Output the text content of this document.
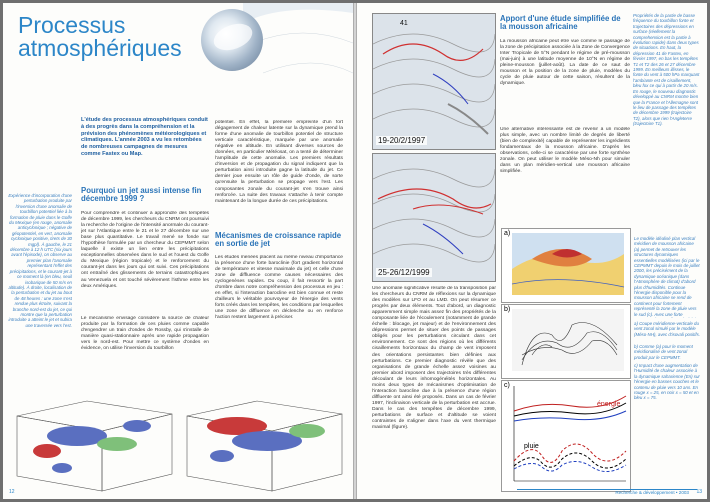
Processus
atmosphériques
L'étude des processus atmosphériques conduit à des progrès dans la compréhension et la prévision des phénomènes météorologiques et climatiques. L'année 2003 a vu les retombées de nombreuses campagnes de mesures comme Fastex ou Map.
Pourquoi un jet aussi intense fin décembre 1999 ?
Pour comprendre et continuer à approndre des tempêtes de décembre 1999, les chercheurs du CNRM ont poursuivi la recherche de l'origine de l'intensité anormale du courant-jet sur l'Atlantique entre le 21 et le 27 décembre sur une base plus quantitative. Le travail mené se fonde sur l'hypothèse formulée par un chercheur du CEPMMT selon laquelle il existe un lien entre les précipitations exceptionnelles observées dans le sud et l'ouest du Golfe du Mexique (région tropicale) et le renforcement du courant-jet dans les jours qui ont suivi. Ces précipitations ont entraîné des glissements de terrains catastrophiques au Venezuela et ont touché sévèrement l'isthme entre les deux Amériques.
Le mécanisme envisagé considère la source de chaleur produite par la formation de ces pluies comme capable d'engendrer un train d'ondes de Rossby, qui s'installe de manière quasi-stationnaire après une rapide propagation vers le nord-est. Pour mettre ce système d'ondes en évidence, on utilise l'inversion du tourbillon
potentiel. En effet, la première empreinte d'un fort dégagement de chaleur latente sur la dynamique prend la forme d'une anomalie de tourbillon potentiel de structure verticale caractéristique, marquée par une anomalie négative en altitude. En utilisant diverses sources de données, en particulier Météosat, on a tenté de déterminer l'amplitude de cette anomalie. Les premiers résultats d'inversion et de propagation du signal indiquent que la perturbation ainsi introduite gagne la latitude du jet. Ce dernier joue ensuite un rôle de guide d'onde, de sorte qu'ensuite la perturbation se propage vers l'est. Les composantes zonale du courant-jet s'en trouve ainsi renforcée. La suite des travaux s'attache à tenir compte maintenant de la longue durée de ces précipitations.
Mécanismes de croissance rapide en sortie de jet
Les études menées placent au même niveau d'importance la présence d'une forte baroclinie (fort gradient horizontal de température et vitesse maximale du jet) et celle d'une zone de diffluence comme causes nécessaires des cyclogenèses rapides. Du coup, il fait ressortir la part d'ombre dans notre compréhension des processus en jeu : en effet, si l'interaction barocline est bien connue et reste d'ailleurs le véritable pourvoyeur de l'énergie des vents forts créés dans les tempêtes, les conditions par lesquelles une zone de diffluence en déclenche ou en renforce l'action restent largement à préciser.
Expérience d'incorporation d'une perturbation produite par l'inversion d'une anomalie de tourbillon potentiel liée à la formation de pluie dans le Golfe du Mexique (en rouge, anomalie anticyclonique ; négative de géopotentiel, en vert, anomalie cyclonique positive, tirets de 30 mgpl). À gauche, le 21 décembre à 12 h UTC (six jours avant l'épisode), on observe au premier plan l'anomalie représentant l'effet des précipitations, et le courant-jet à ce moment là (en bleu, seuil isobarique de 50 m/s en altitude). À droite, localisation de la perturbation et du jet au bout de 48 heures : une zone s'est rendue plus étroite, suivant la branche nord-est du jet, ce qui montre que la perturbation introduite a atteint le jet et subira une traversée vers l'est.
12
41
19-20/2/1997
25-26/12/1999
Apport d'une étude simplifiée de la mousson africaine
La mousson africaine peut être vue comme le passage de la zone de précipitation associée à la Zone de Convergence Inter Tropicale de 5°N pendant le régime de pré-mousson (mai-juin) à une latitude moyenne de 10°N en régime de pleine-mousson (juillet-août). La date de ce saut de mousson et la position de la zone de pluie, modèles du cycle de pluie autour de cette saison, résultent de la dynamique.
Une alternative intéressante est de revenir à un modèle plus simple, avec un nombre limité de degrés de liberté (bien de complexité) capable de représenter les ingrédients fondamentaux de la mousson africaine. D'après les observations, celle-ci se caractérise par une forte synthèse zonale. On peut utiliser le modèle Méso-Nh pour simuler dans un plan méridien-vertical une mousson africaine simplifiée.
Une anomalie significative résulte de la transposition par les chercheurs du CNRM de réflexions sur la dynamique des modèles sur LFO et au LMD. On peut résumer ce progrès par deux éléments. Tout d'abord, un diagnostic apparemment simple mais assez fin des propriétés de la composante liée de l'écoulement (notamment de grande échelle : blocage, jet majeur) et de l'environnement des dépressions permet de situer des points de passages obligés pour les perturbations circulant dans cet environnement. Ce sont des régions où les différents cisaillements horizontaux du champ de vent imposent des orientations persistantes bien définies aux perturbations. Ce premier diagnostic révèle que des organisations de grande échelle assez voisines au premier abord imposent des trajectoires très différentes découlant de leurs inhomogénéités horizontales. Au moins deux types de mécanismes d'optimisation de l'interaction barocline due à la présence d'une région diffluente ont ainsi été proposés. Dans un cas de février 1997, l'inclinaison verticale de la perturbation est accrue. Dans le cas des tempêtes de décembre 1999, perturbations de surface et d'altitude se voient contraintes de s'aligner dans l'axe du vent thermique maximal (figure).
Propriétés de la partie de basse fréquence du tourbillon fonte et trajectoires des dépressions en surface (réellement la comprehension est la partie à évolution rapide) dans deux types de situations. En haut, la dépression 41 de Fastex, en février 1997, en bas les tempêtes T1 et T2 des 26 et 27 décembre 1999. En meilleurs illisses, le fonte du vent à 500 hPa marquant l'ambiante est de cisaillement, bleu fox ce qui à partir de 20 m/s. En rouge, le nouveau diagnostic développé au CNRM montre bien que la France et l'Allemagne sont le lieu de passage des tempêtes de décembre 1999 (trajectoire T2), alors que rien l'Angleterre (trajectoire T1).
a)
b)
c)
énergie
pluie
Le modèle idéalisé plan vertical méridien de mousson africaine (a) permet de retrouver les structures dynamiques essentielles modélisées (ici par le CEPMMT depuis le mois de juillet 2000, les précisément de la dynamique océanique (dans l'Atmosphère de climat) d'abord plus d'humidités. Continue l'énergie disponible pour la mousson africaine se rend de continent pour fortement représenté la zone de pluie vers le sud (c). Avec une forte
a) Coupe méridienne-verticale du vent zonal simulé par le modèle (Méso-NH), avec d'isovali positifs.
b) Comme (a) pour le moment méridionalisé de vent zonal produit par le CEPMMT.
c) Impact d'une augmentation de l'Humidité de chaleur associée à la dynamique saharienne (En) sur l'énergie en basses couches et le contenu de pluie vers 10 ans. En rouge x = 25, en noir x = 50 et en bleu x = 75.
Recherche & développement • 2003 13
